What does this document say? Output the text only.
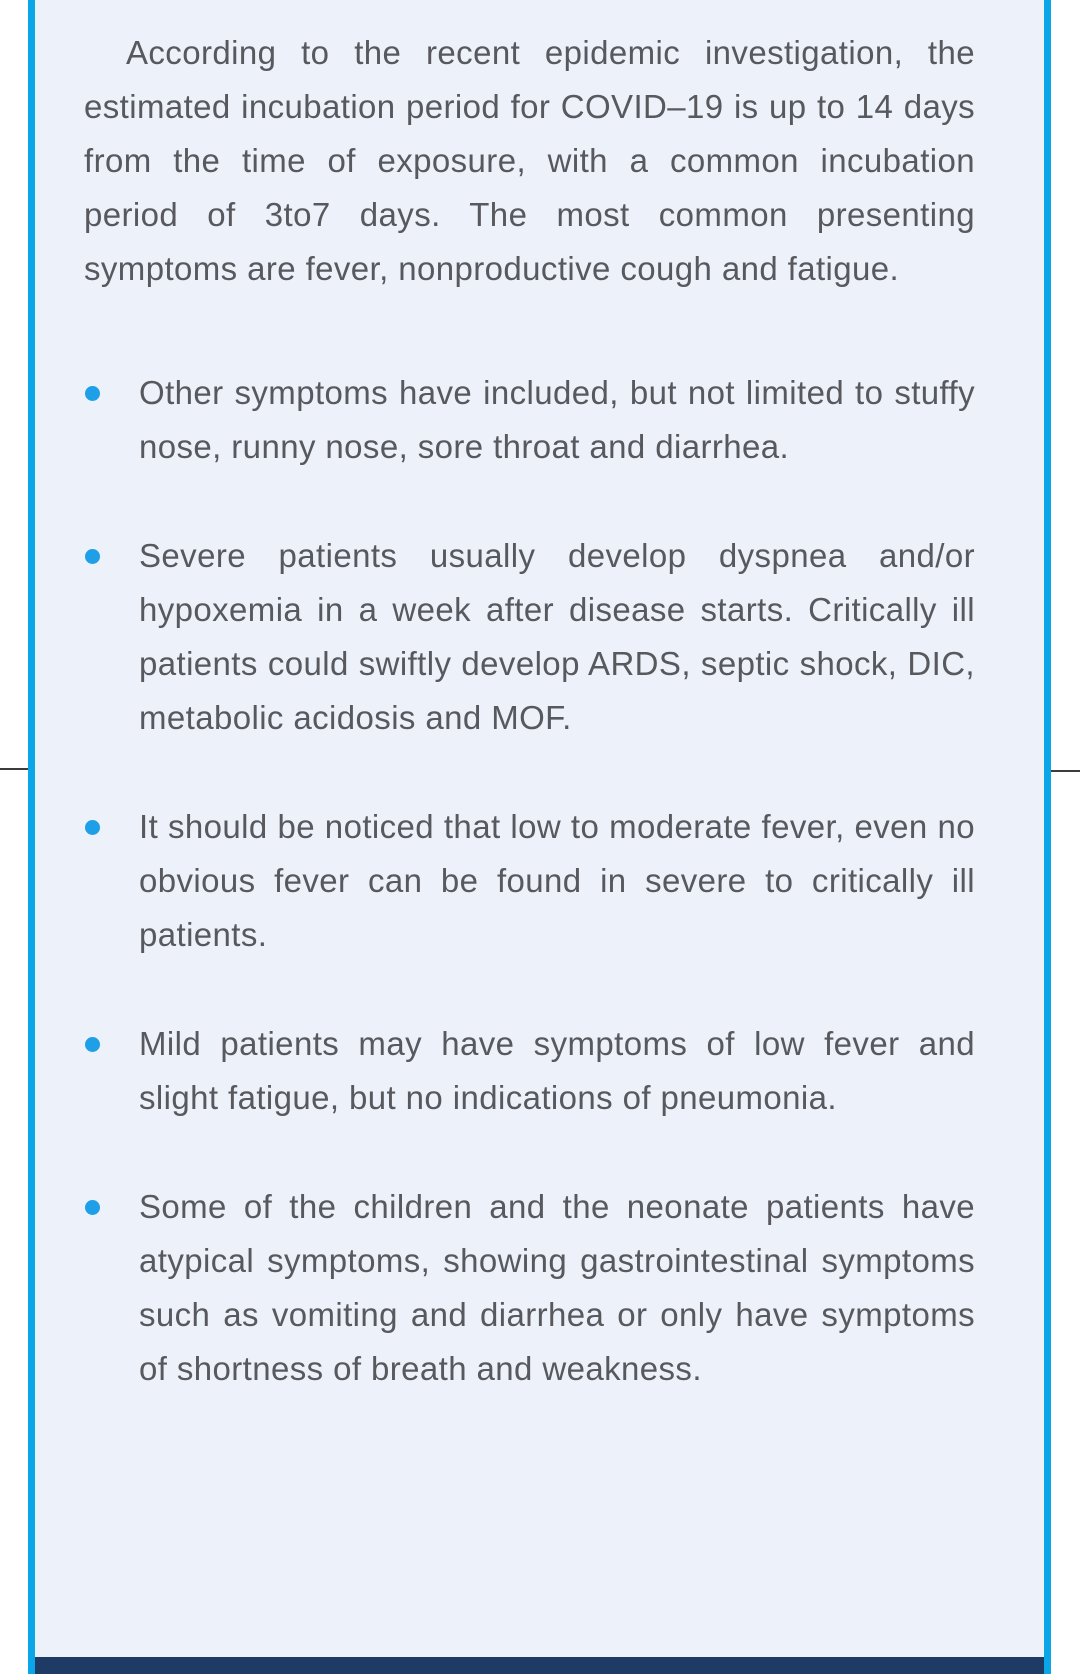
According to the recent epidemic investigation, the estimated incubation period for COVID–19 is up to 14 days from the time of exposure, with a common incubation period of 3to7 days. The most common presenting symptoms are fever, nonproductive cough and fatigue.

Other symptoms have included, but not limited to stuffy nose, runny nose, sore throat and diarrhea.
Severe patients usually develop dyspnea and/or hypoxemia in a week after disease starts. Critically ill patients could swiftly develop ARDS, septic shock, DIC, metabolic acidosis and MOF.
It should be noticed that low to moderate fever, even no obvious fever can be found in severe to critically ill patients.
Mild patients may have symptoms of low fever and slight fatigue, but no indications of pneumonia.
Some of the children and the neonate patients have atypical symptoms, showing gastrointestinal symptoms such as vomiting and diarrhea or only have symptoms of shortness of breath and weakness.
